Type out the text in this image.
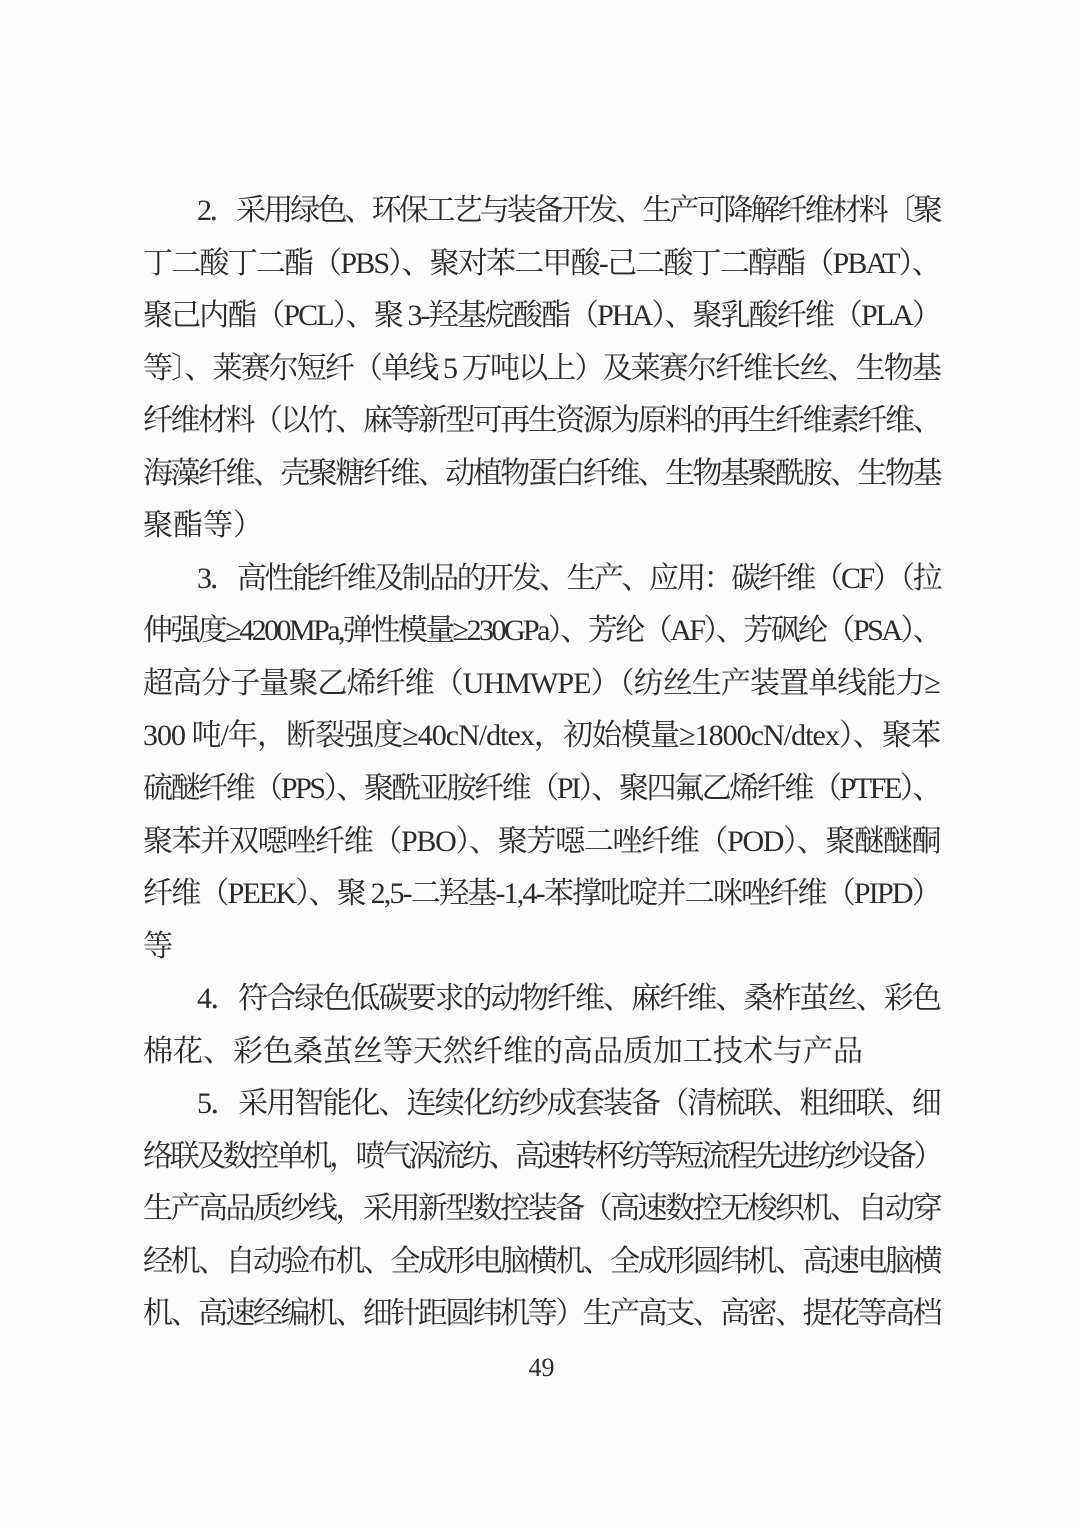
2．采用绿色、环保工艺与装备开发、生产可降解纤维材料〔聚
丁二酸丁二酯（PBS）、聚对苯二甲酸-己二酸丁二醇酯（PBAT）、
聚己内酯（PCL）、聚 3-羟基烷酸酯（PHA）、聚乳酸纤维（PLA）
等〕、莱赛尔短纤（单线 5 万吨以上）及莱赛尔纤维长丝、生物基
纤维材料（以竹、麻等新型可再生资源为原料的再生纤维素纤维、
海藻纤维、壳聚糖纤维、动植物蛋白纤维、生物基聚酰胺、生物基
聚酯等）

3．高性能纤维及制品的开发、生产、应用：碳纤维（CF）（拉
伸强度≥4200MPa,弹性模量≥230GPa）、芳纶（AF）、芳砜纶（PSA）、
超高分子量聚乙烯纤维（UHMWPE）（纺丝生产装置单线能力≥
300 吨/年，断裂强度≥40cN/dtex，初始模量≥1800cN/dtex）、聚苯
硫醚纤维（PPS）、聚酰亚胺纤维（PI）、聚四氟乙烯纤维（PTFE）、
聚苯并双噁唑纤维（PBO）、聚芳噁二唑纤维（POD）、聚醚醚酮
纤维（PEEK）、聚 2,5-二羟基-1,4-苯撑吡啶并二咪唑纤维（PIPD）
等

4．符合绿色低碳要求的动物纤维、麻纤维、桑柞茧丝、彩色
棉花、彩色桑茧丝等天然纤维的高品质加工技术与产品

5．采用智能化、连续化纺纱成套装备（清梳联、粗细联、细
络联及数控单机，喷气涡流纺、高速转杯纺等短流程先进纺纱设备）
生产高品质纱线，采用新型数控装备（高速数控无梭织机、自动穿
经机、自动验布机、全成形电脑横机、全成形圆纬机、高速电脑横
机、高速经编机、细针距圆纬机等）生产高支、高密、提花等高档

49
